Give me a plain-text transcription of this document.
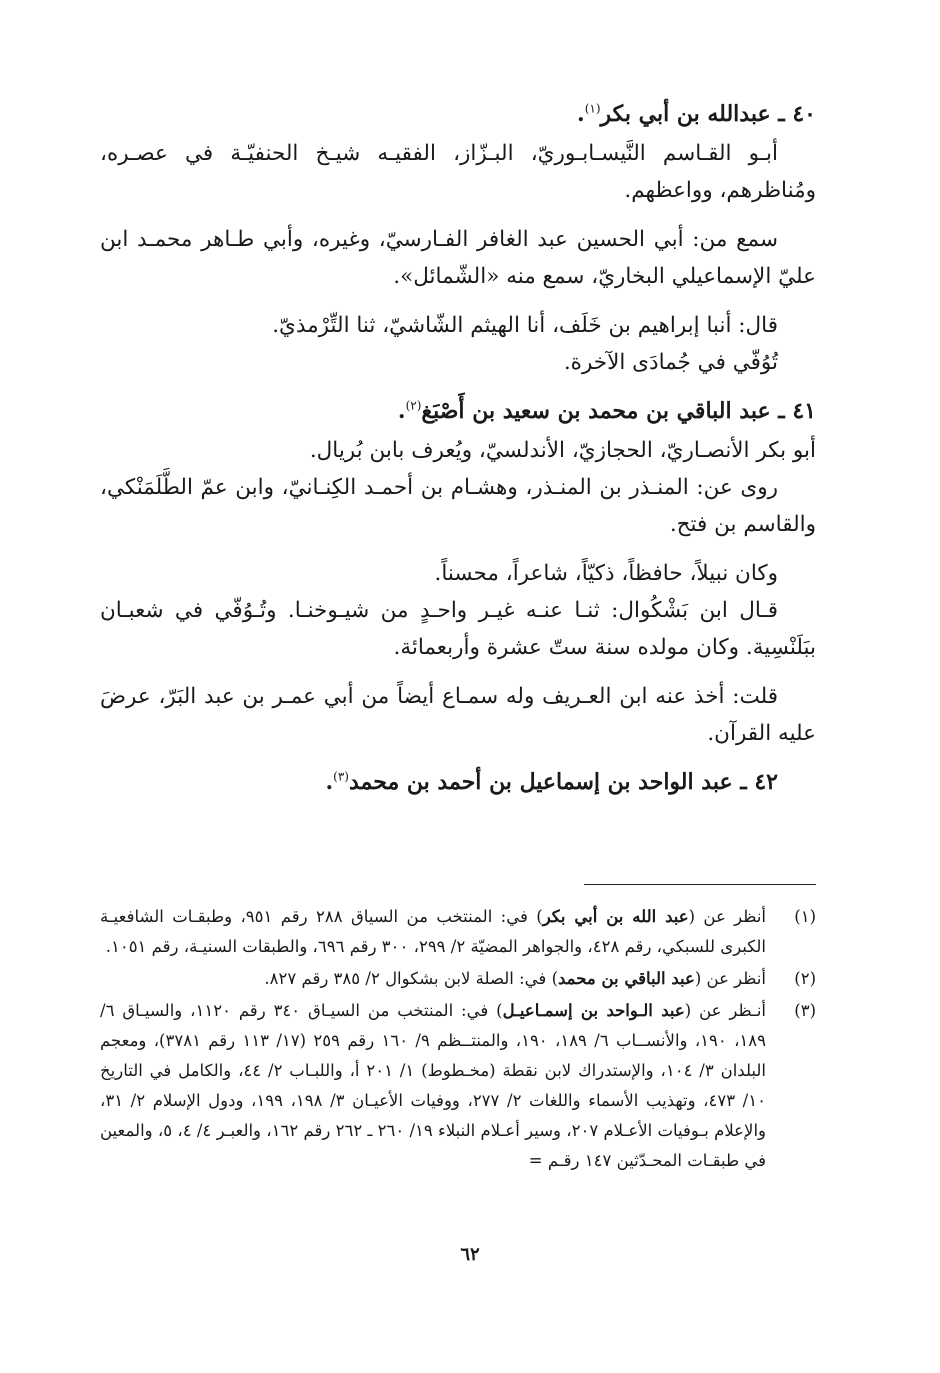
٤٠ ـ عبدالله بن أبي بكر$^{(١)}$.

أبـو القـاسم النَّيسـابـوريّ، البـزّاز، الفقيـه شيـخ الحنفيّـة في عصـره، ومُناظرهم، وواعظهم.

سمع من: أبي الحسين عبد الغافر الفـارسيّ، وغيره، وأبي طـاهر محمـد ابن عليّ الإسماعيلي البخاريّ، سمع منه «الشّمائل».

قال: أنبا إبراهيم بن خَلَف، أنا الهيثم الشّاشيّ، ثنا التِّرْمذيّ.

تُوُفّي في جُمادَى الآخرة.

٤١ ـ عبد الباقي بن محمد بن سعيد بن أَصْبَغ$^{(٢)}$.

أبو بكر الأنصـاريّ، الحجازيّ، الأندلسيّ، ويُعرف بابن بُريال.

روى عن: المنـذر بن المنـذر، وهشـام بن أحمـد الكِنـانيّ، وابن عمّ الطَّلَمَنْكي، والقاسم بن فتح.

وكان نبيلاً، حافظاً، ذكيّاً، شاعراً، محسناً.

قـال ابن بَشْكُوال: ثنـا عنـه غيـر واحـدٍ من شيـوخنـا. وتُـوُفّي في شعبـان ببَلَنْسِية. وكان مولده سنة ستّ عشرة وأربعمائة.

قلت: أخذ عنه ابن العـريف وله سمـاع أيضاً من أبي عمـر بن عبد البَرّ، عرضَ عليه القرآن.

٤٢ ـ عبد الواحد بن إسماعيل بن أحمد بن محمد$^{(٣)}$.
(١)
أنظر عن (عبد الله بن أبي بكر) في: المنتخب من السياق ٢٨٨ رقم ٩٥١، وطبقـات الشافعيـة الكبرى للسبكي، رقم ٤٢٨، والجواهر المضيّة ٢/ ٢٩٩، ٣٠٠ رقم ٦٩٦، والطبقات السنيـة، رقم ١٠٥١.
(٢)
أنظر عن (عبد الباقي بن محمد) في: الصلة لابن بشكوال ٢/ ٣٨٥ رقم ٨٢٧.
(٣)
أنـظر عن (عبد الـواحد بن إسمـاعيـل) في: المنتخب من السيـاق ٣٤٠ رقم ١١٢٠، والسيـاق ٦/ ١٨٩، ١٩٠، والأنســاب ٦/ ١٨٩، ١٩٠، والمنتــظم ٩/ ١٦٠ رقم ٢٥٩ (١٧/ ١١٣ رقم ٣٧٨١)، ومعجم البلدان ٣/ ١٠٤، والإستدراك لابن نقطة (مخـطوط) ١/ ٢٠١ أ، واللبـاب ٢/ ٤٤، والكامل في التاريخ ١٠/ ٤٧٣، وتهذيب الأسماء واللغات ٢/ ٢٧٧، ووفيات الأعيـان ٣/ ١٩٨، ١٩٩، ودول الإسلام ٢/ ٣١، والإعلام بـوفيات الأعـلام ٢٠٧، وسير أعـلام النبلاء ١٩/ ٢٦٠ ـ ٢٦٢ رقم ١٦٢، والعبـر ٤/ ٤، ٥، والمعين في طبقـات المحـدّثين ١٤٧ رقـم =
٦٢
